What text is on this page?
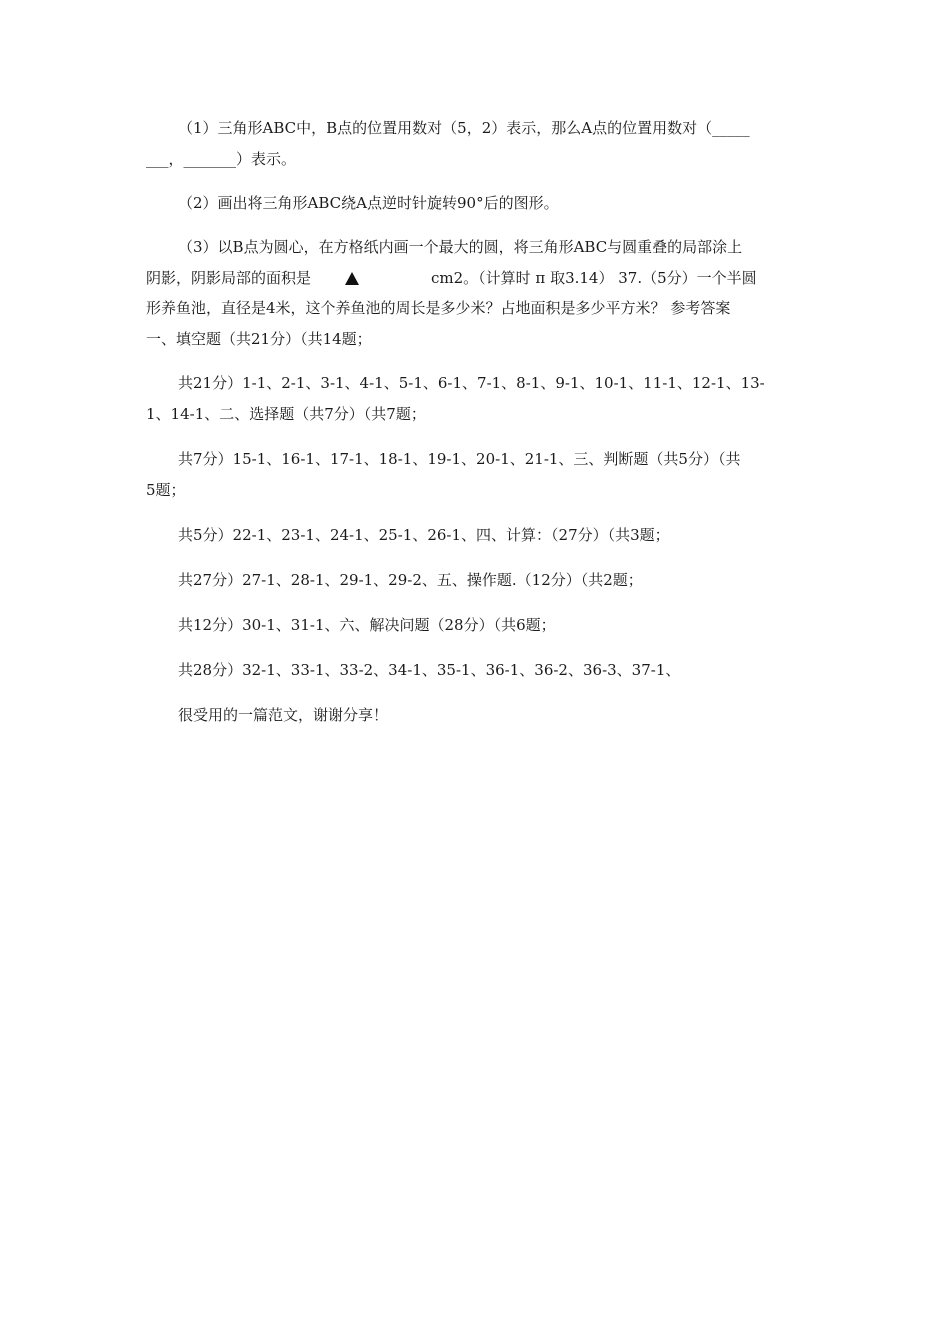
（1）三角形ABC中，B点的位置用数对（5，2）表示，那么A点的位置用数对（_____
___，_______）表示。
（2）画出将三角形ABC绕A点逆时针旋转90°后的图形。
（3）以B点为圆心，在方格纸内画一个最大的圆，将三角形ABC与圆重叠的局部涂上
阴影，阴影局部的面积是	cm2。（计算时 π 取3.14） 37.（5分）一个半圆
形养鱼池，直径是4米，这个养鱼池的周长是多少米？占地面积是多少平方米？ 参考答案
一、填空题（共21分）（共14题；
共21分）1-1、2-1、3-1、4-1、5-1、6-1、7-1、8-1、9-1、10-1、11-1、12-1、13-
1、14-1、二、选择题（共7分）（共7题；
共7分）15-1、16-1、17-1、18-1、19-1、20-1、21-1、三、判断题（共5分）（共
5题；
共5分）22-1、23-1、24-1、25-1、26-1、四、计算：（27分）（共3题；
共27分）27-1、28-1、29-1、29-2、五、操作题.（12分）（共2题；
共12分）30-1、31-1、六、解决问题（28分）（共6题；
共28分）32-1、33-1、33-2、34-1、35-1、36-1、36-2、36-3、37-1、
很受用的一篇范文，谢谢分享！
